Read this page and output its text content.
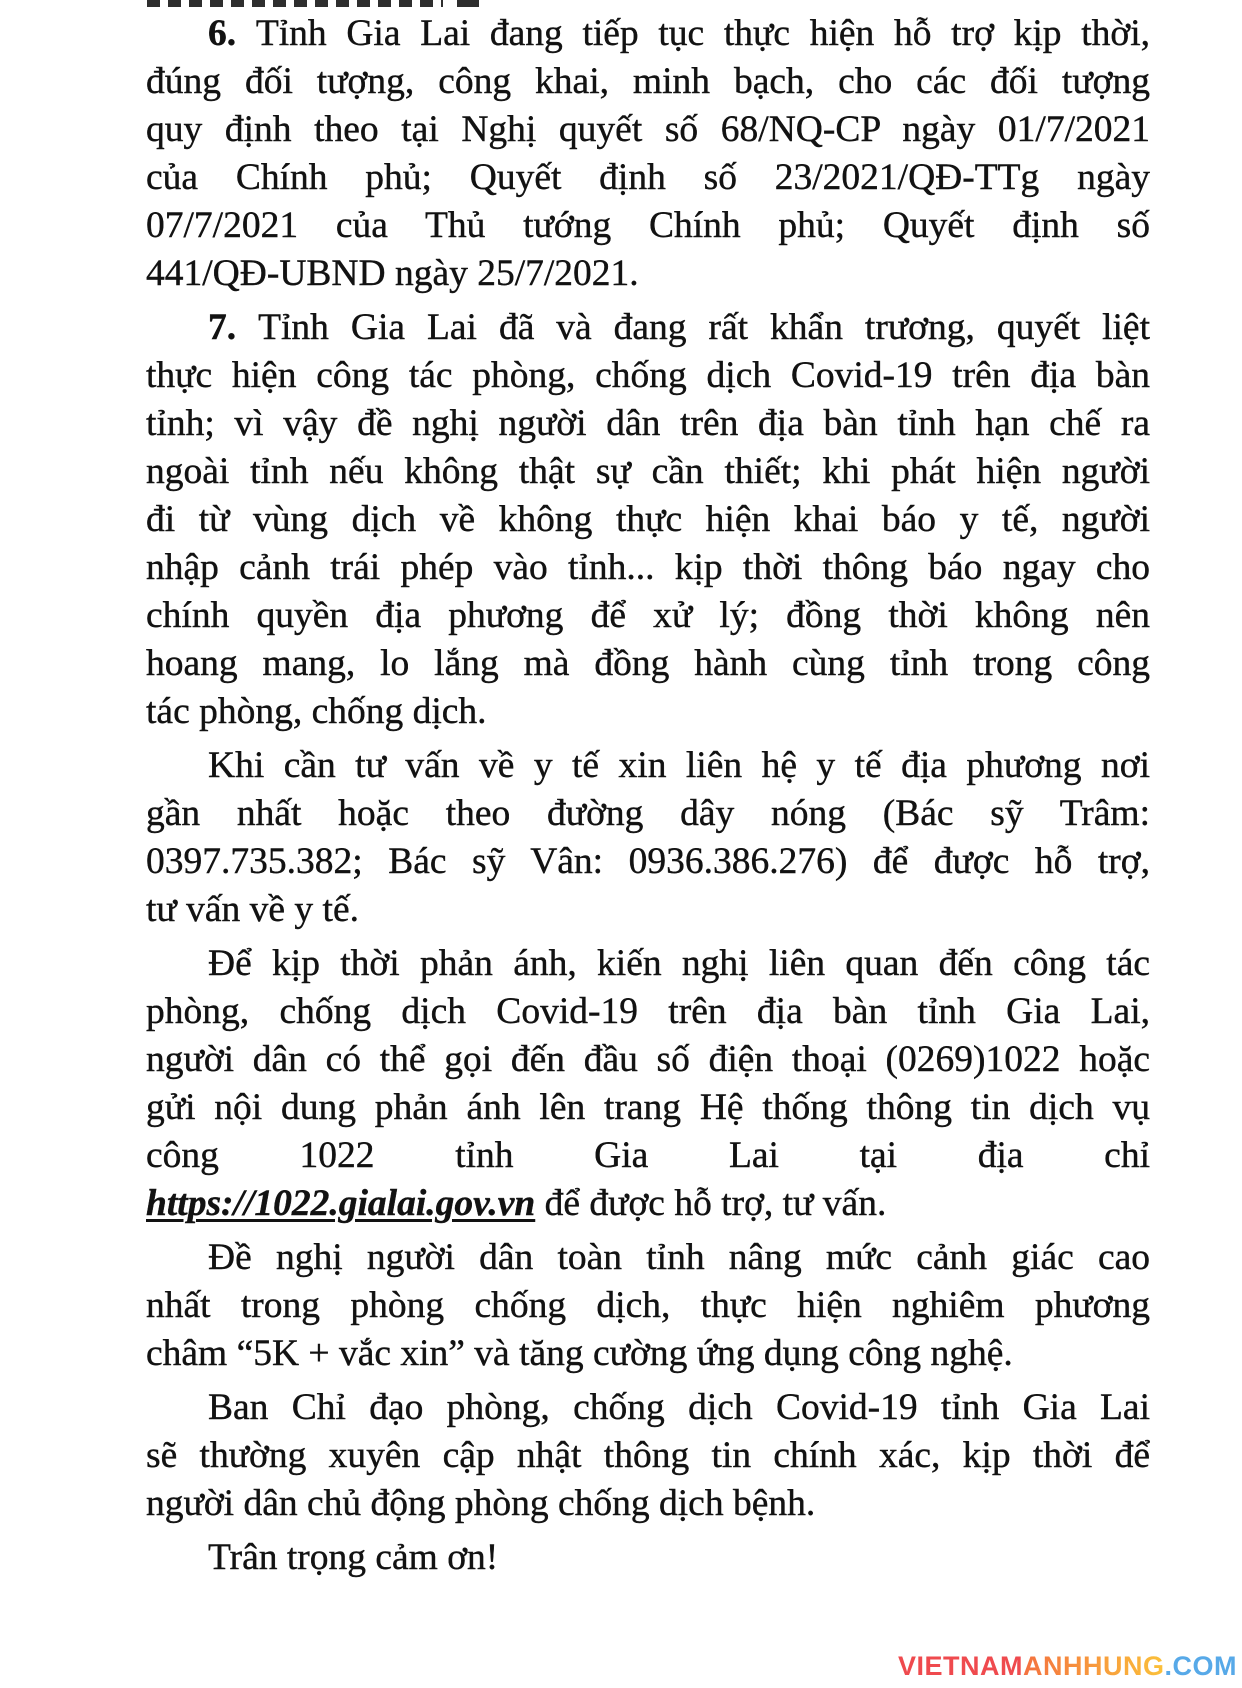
6. Tỉnh Gia Lai đang tiếp tục thực hiện hỗ trợ kịp thời,
đúng đối tượng, công khai, minh bạch, cho các đối tượng
quy định theo tại Nghị quyết số 68/NQ-CP ngày 01/7/2021
của Chính phủ; Quyết định số 23/2021/QĐ-TTg ngày
07/7/2021 của Thủ tướng Chính phủ; Quyết định số
441/QĐ-UBND ngày 25/7/2021.
7. Tỉnh Gia Lai đã và đang rất khẩn trương, quyết liệt
thực hiện công tác phòng, chống dịch Covid-19 trên địa bàn
tỉnh; vì vậy đề nghị người dân trên địa bàn tỉnh hạn chế ra
ngoài tỉnh nếu không thật sự cần thiết; khi phát hiện người
đi từ vùng dịch về không thực hiện khai báo y tế, người
nhập cảnh trái phép vào tỉnh... kịp thời thông báo ngay cho
chính quyền địa phương để xử lý; đồng thời không nên
hoang mang, lo lắng mà đồng hành cùng tỉnh trong công
tác phòng, chống dịch.
Khi cần tư vấn về y tế xin liên hệ y tế địa phương nơi
gần nhất hoặc theo đường dây nóng (Bác sỹ Trâm:
0397.735.382; Bác sỹ Vân: 0936.386.276) để được hỗ trợ,
tư vấn về y tế.
Để kịp thời phản ánh, kiến nghị liên quan đến công tác
phòng, chống dịch Covid-19 trên địa bàn tỉnh Gia Lai,
người dân có thể gọi đến đầu số điện thoại (0269)1022 hoặc
gửi nội dung phản ánh lên trang Hệ thống thông tin dịch vụ
công 1022 tỉnh Gia Lai tại địa chỉ
https://1022.gialai.gov.vn để được hỗ trợ, tư vấn.
Đề nghị người dân toàn tỉnh nâng mức cảnh giác cao
nhất trong phòng chống dịch, thực hiện nghiêm phương
châm “5K + vắc xin” và tăng cường ứng dụng công nghệ.
Ban Chỉ đạo phòng, chống dịch Covid-19 tỉnh Gia Lai
sẽ thường xuyên cập nhật thông tin chính xác, kịp thời để
người dân chủ động phòng chống dịch bệnh.
Trân trọng cảm ơn!
VIETNAMANHHUNG.COM
